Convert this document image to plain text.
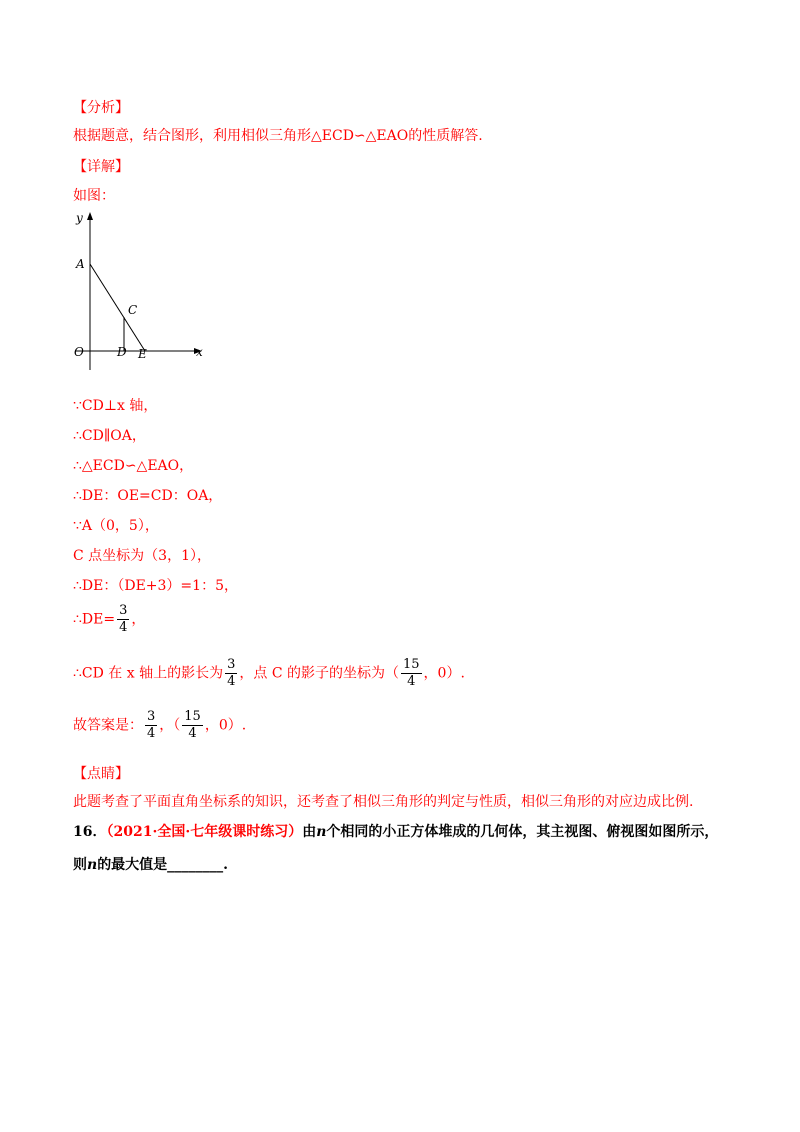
【分析】
根据题意，结合图形，利用相似三角形△ECD∽△EAO的性质解答.
【详解】
如图：
y
x
A
C
O	D E
∵CD⊥x 轴，
∴CD∥OA，
∴△ECD∽△EAO，
∴DE：OE=CD：OA，
∵A（0，5），
C 点坐标为（3，1），
∴DE：（DE+3）=1：5，
∴DE= $\frac{3}{4}$ ，
∴CD 在 x 轴上的影长为 $\frac{3}{4}$ ，点 C 的影子的坐标为（ $\frac{15}{4}$ ，0）.
故答案是： $\frac{3}{4}$ ，（ $\frac{15}{4}$ ，0）.
【点睛】
此题考查了平面直角坐标系的知识，还考查了相似三角形的判定与性质，相似三角形的对应边成比例.
16．（2021·全国·七年级课时练习）由n个相同的小正方体堆成的几何体，其主视图、俯视图如图所示，
则n的最大值是________.
